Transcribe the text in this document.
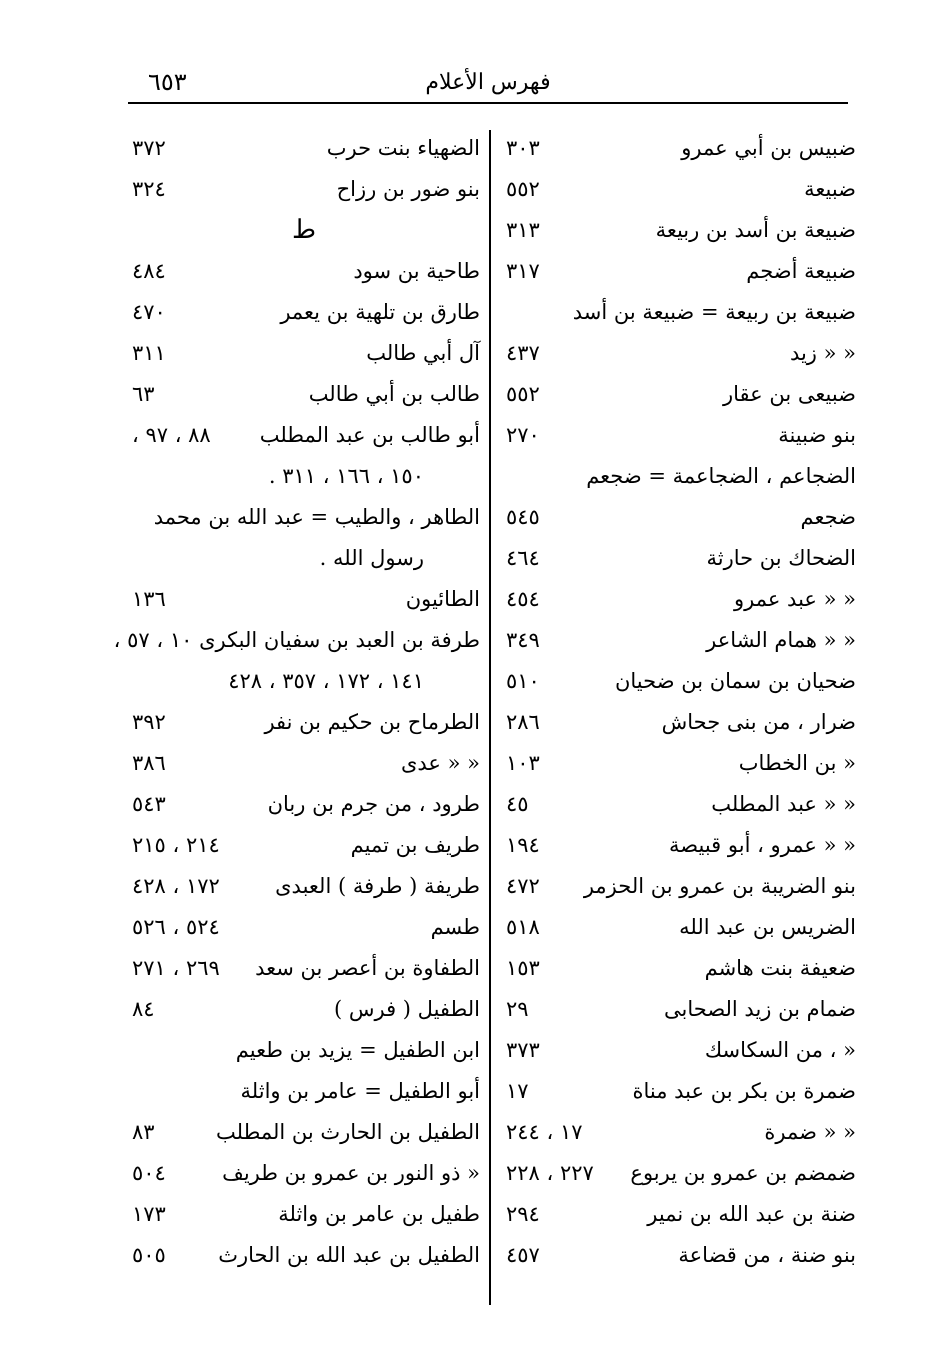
فهرس الأعلام
٦٥٣
ضبيس بن أبي عمرو
٣٠٣
ضبيعة
٥٥٢
ضبيعة بن أسد بن ربيعة
٣١٣
ضبيعة أضجم
٣١٧
ضبيعة بن ربيعة = ضبيعة بن أسد
« « زيد
٤٣٧
ضبيعى بن عقار
٥٥٢
بنو ضبينة
٢٧٠
الضجاعم ، الضجاعمة = ضجعم
ضجعم
٥٤٥
الضحاك بن حارثة
٤٦٤
« « عبد عمرو
٤٥٤
« « همام الشاعر
٣٤٩
ضحيان بن سمان بن ضحيان
٥١٠
ضرار ، من بنى جحاش
٢٨٦
« بن الخطاب
١٠٣
« « عبد المطلب
٤٥
« « عمرو ، أبو قبيصة
١٩٤
بنو الضريبة بن عمرو بن الحزمر
٤٧٢
الضريس بن عبد الله
٥١٨
ضعيفة بنت هاشم
١٥٣
ضمام بن زيد الصحابى
٢٩
« ، من السكاسك
٣٧٣
ضمرة بن بكر بن عبد مناة
١٧
« « ضمرة
١٧ ، ٢٤٤
ضمضم بن عمرو بن يربوع
٢٢٧ ، ٢٢٨
ضنة بن عبد الله بن نمير
٢٩٤
بنو ضنة ، من قضاعة
٤٥٧
الضهياء بنت حرب
٣٧٢
بنو ضور بن رزاح
٣٢٤
ط
طاحية بن سود
٤٨٤
طارق بن تلهية بن يعمر
٤٧٠
آل أبي طالب
٣١١
طالب بن أبي طالب
٦٣
أبو طالب بن عبد المطلب
٨٨ ، ٩٧ ،
١٥٠ ، ١٦٦ ، ٣١١ .
الطاهر ، والطيب = عبد الله بن محمد
رسول الله .
الطائيون
١٣٦
طرفة بن العبد بن سفيان البكرى ١٠ ، ٥٧ ،
١٤١ ، ١٧٢ ، ٣٥٧ ، ٤٢٨
الطرماح بن حكيم بن نفر
٣٩٢
« « عدى
٣٨٦
طرود ، من جرم بن ربان
٥٤٣
طريف بن تميم
٢١٤ ، ٢١٥
طريفة ( طرفة ) العبدى
١٧٢ ، ٤٢٨
طسم
٥٢٤ ، ٥٢٦
الطفاوة بن أعصر بن سعد
٢٦٩ ، ٢٧١
الطفيل ( فرس )
٨٤
ابن الطفيل = يزيد بن طعيم
أبو الطفيل = عامر بن واثلة
الطفيل بن الحارث بن المطلب
٨٣
« ذو النور بن عمرو بن طريف
٥٠٤
طفيل بن عامر بن واثلة
١٧٣
الطفيل بن عبد الله بن الحارث
٥٠٥
